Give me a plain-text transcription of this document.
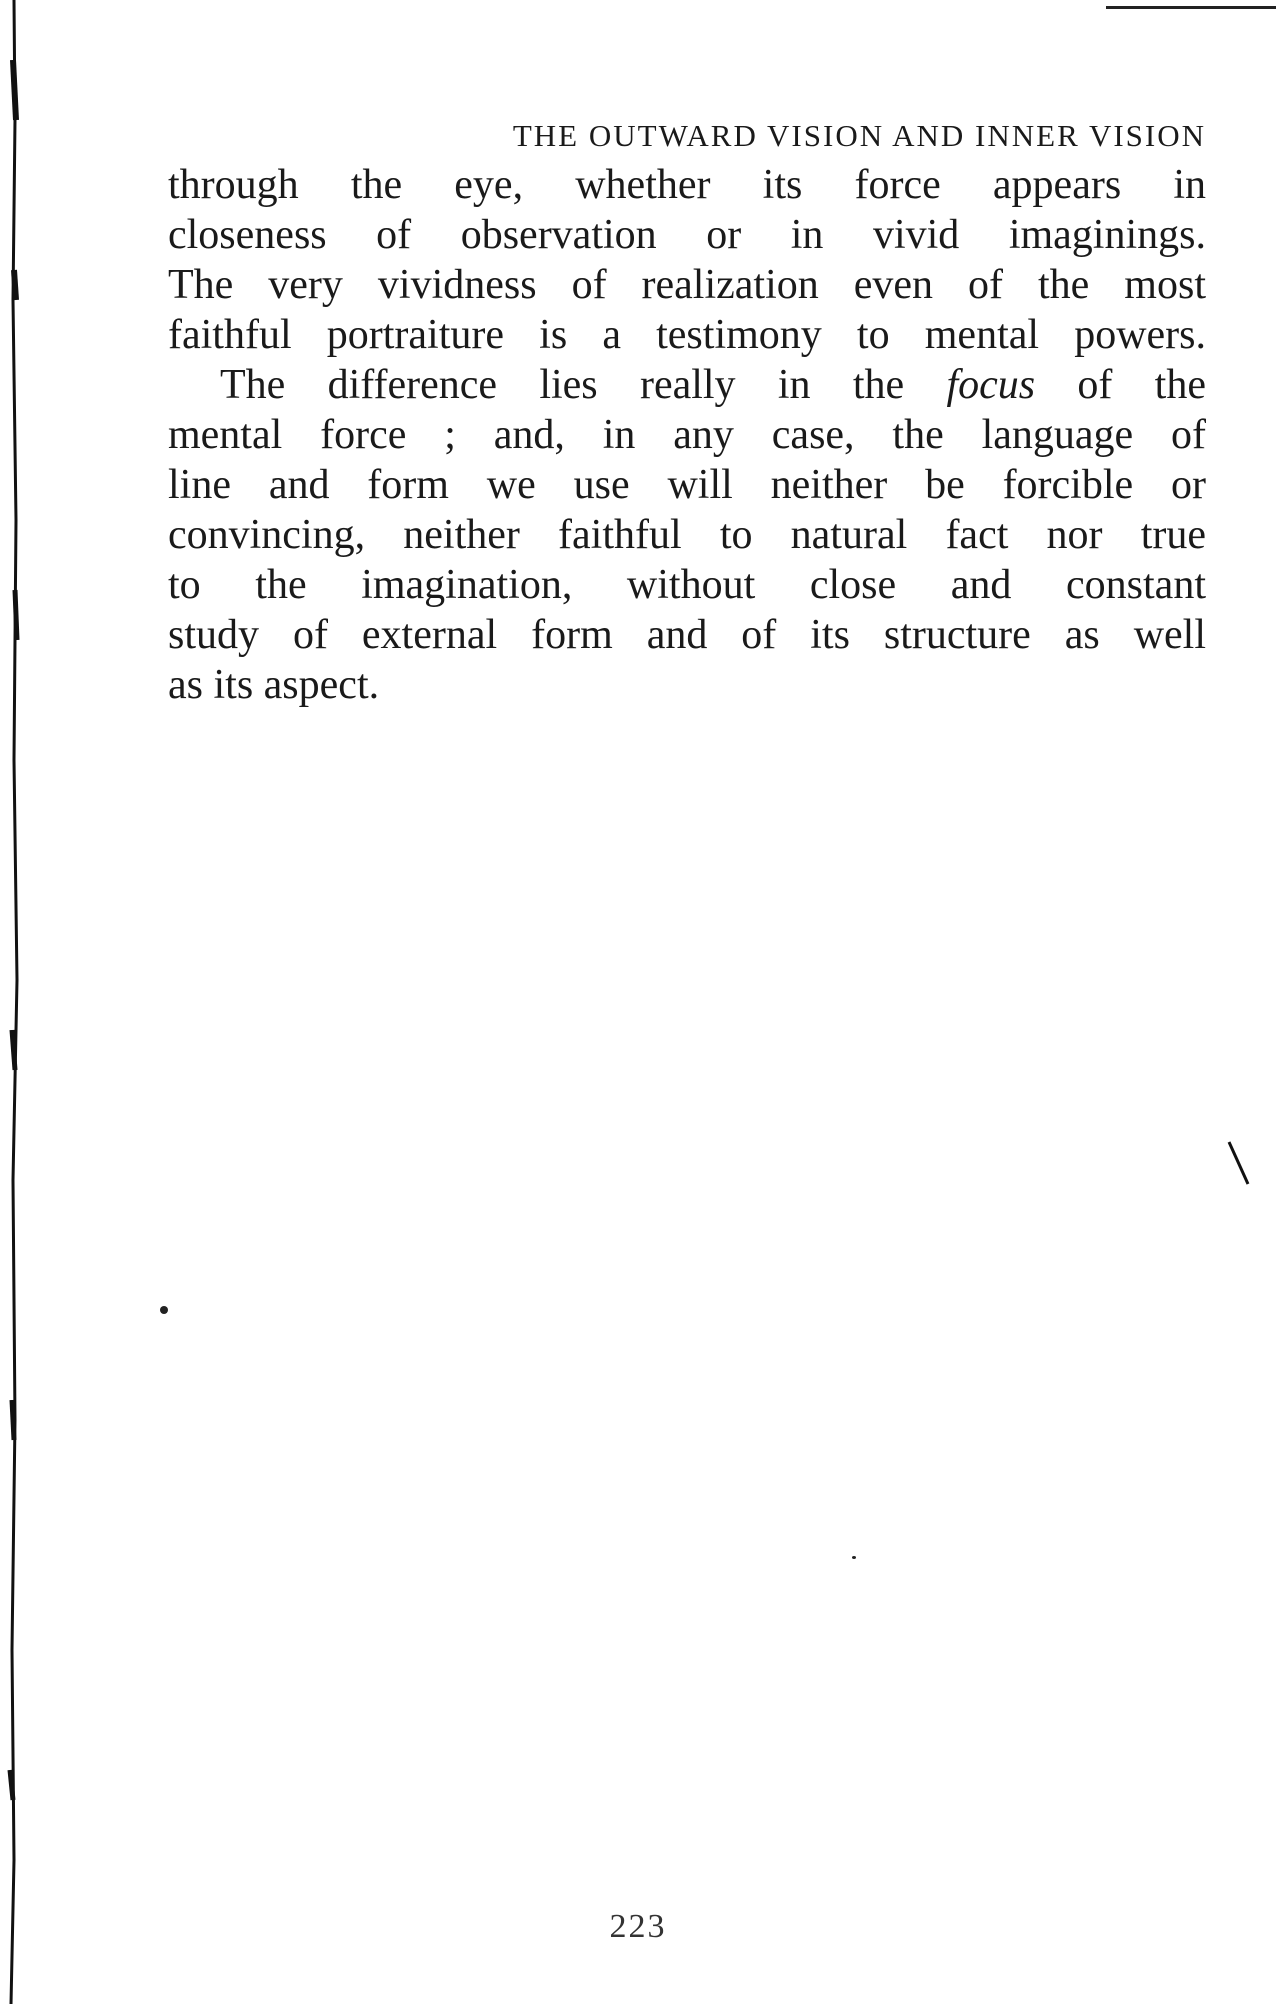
THE OUTWARD VISION AND INNER VISION
through the eye, whether its force appears in
closeness of observation or in vivid imaginings.
The very vividness of realization even of the most
faithful portraiture is a testimony to mental powers.
The difference lies really in the focus of the
mental force ; and, in any case, the language of
line and form we use will neither be forcible or
convincing, neither faithful to natural fact nor true
to the imagination, without close and constant
study of external form and of its structure as well
as its aspect.
223
